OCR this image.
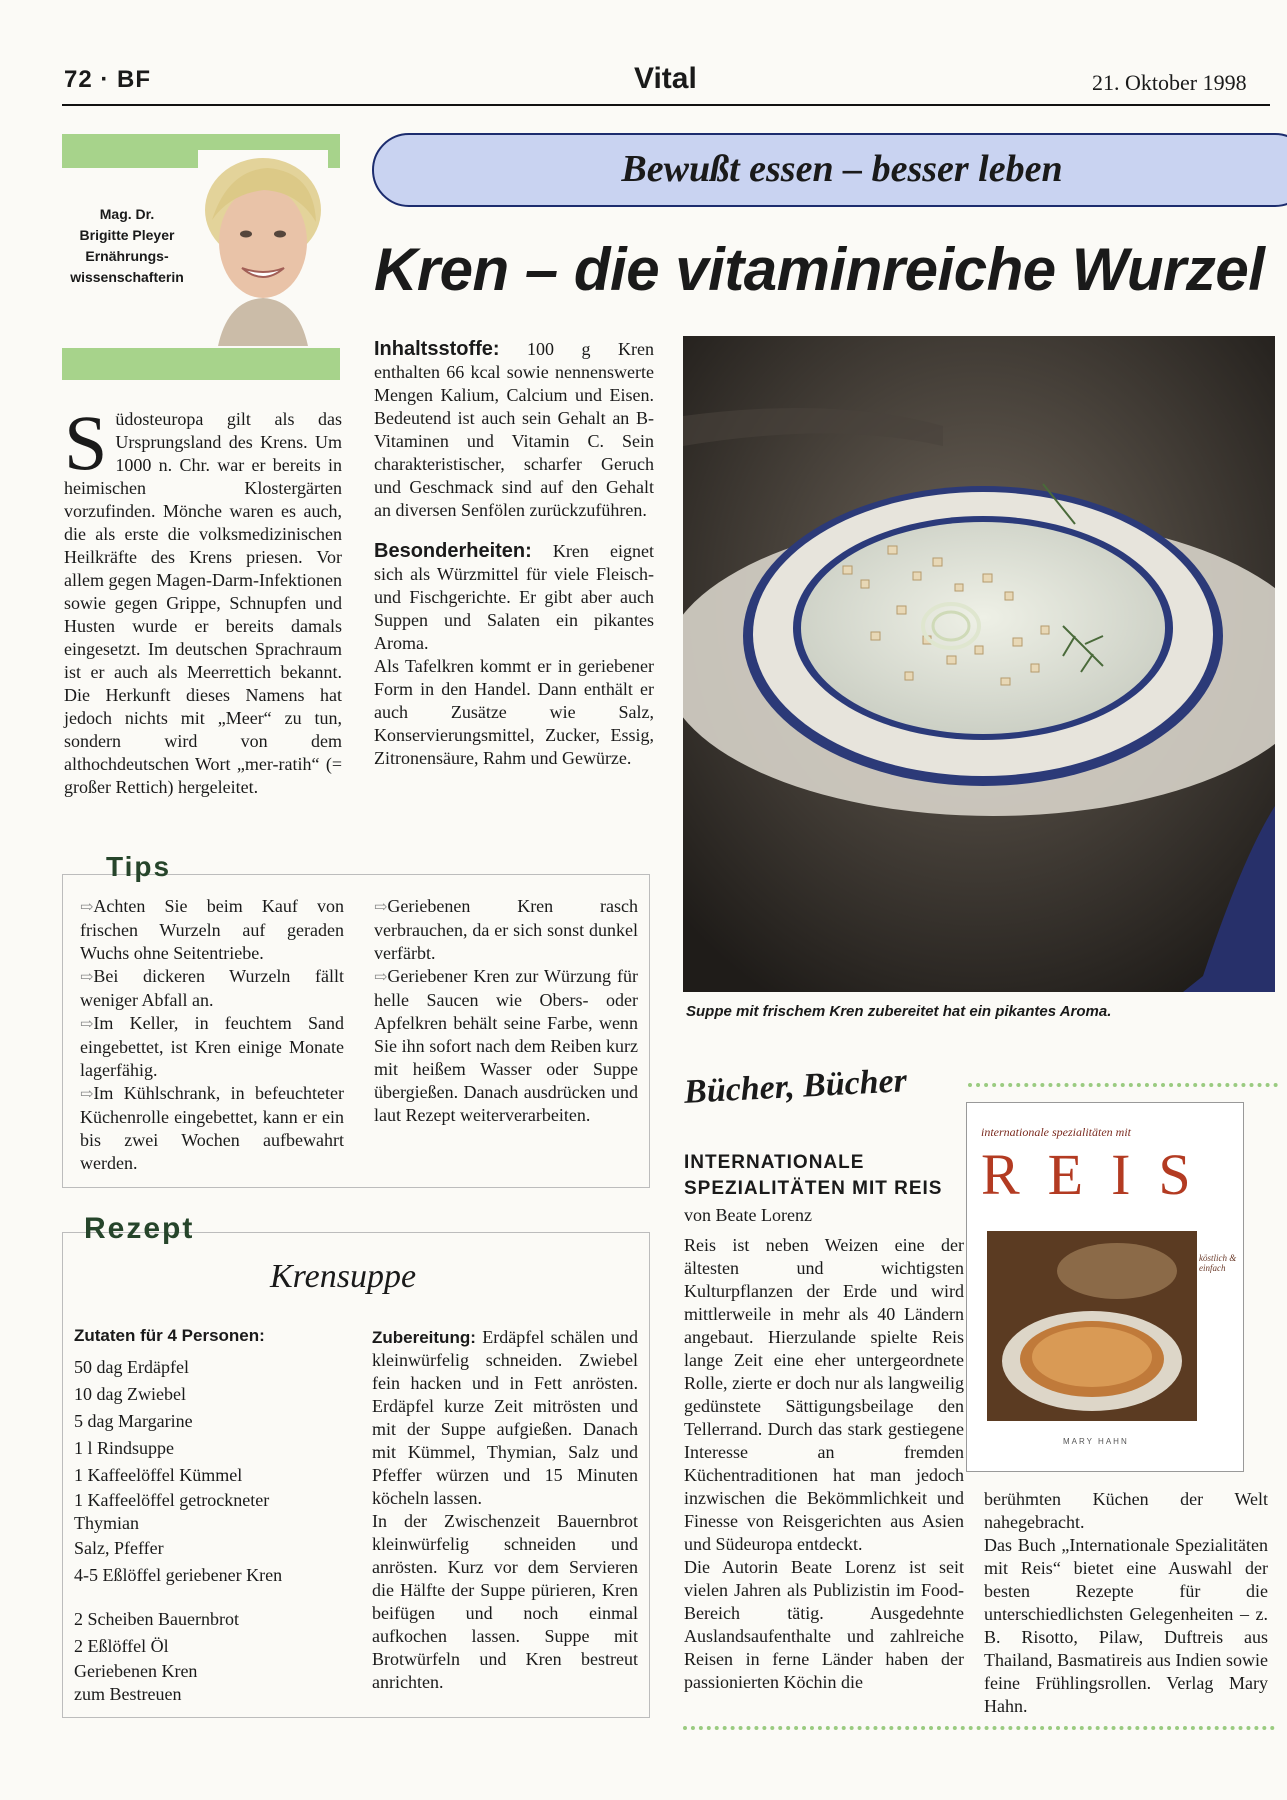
72 · BF	Vital	21. Oktober 1998
Mag. Dr.
Brigitte Pleyer
Ernährungs-
wissenschafterin
Bewußt essen – besser leben
Kren – die vitaminreiche Wurzel
Südosteuropa gilt als das Ursprungsland des Krens. Um 1000 n. Chr. war er bereits in heimischen Klostergärten vorzufinden. Mönche waren es auch, die als erste die volksmedizinischen Heilkräfte des Krens priesen. Vor allem gegen Magen-Darm-Infektionen sowie gegen Grippe, Schnupfen und Husten wurde er bereits damals eingesetzt. Im deutschen Sprachraum ist er auch als Meerrettich bekannt. Die Herkunft dieses Namens hat jedoch nichts mit „Meer“ zu tun, sondern wird von dem althochdeutschen Wort „mer-ratih“ (= großer Rettich) hergeleitet.

Inhaltsstoffe: 100 g Kren enthalten 66 kcal sowie nennenswerte Mengen Kalium, Calcium und Eisen. Bedeutend ist auch sein Gehalt an B-Vitaminen und Vitamin C. Sein charakteristischer, scharfer Geruch und Geschmack sind auf den Gehalt an diversen Senfölen zurückzuführen.

Besonderheiten: Kren eignet sich als Würzmittel für viele Fleisch- und Fischgerichte. Er gibt aber auch Suppen und Salaten ein pikantes Aroma.

Als Tafelkren kommt er in geriebener Form in den Handel. Dann enthält er auch Zusätze wie Salz, Konservierungsmittel, Zucker, Essig, Zitronensäure, Rahm und Gewürze.

Suppe mit frischem Kren zubereitet hat ein pikantes Aroma.
Tips

⇨Achten Sie beim Kauf von frischen Wurzeln auf geraden Wuchs ohne Seitentriebe.

⇨Bei dickeren Wurzeln fällt weniger Abfall an.

⇨Im Keller, in feuchtem Sand eingebettet, ist Kren einige Monate lagerfähig.

⇨Im Kühlschrank, in befeuchteter Küchenrolle eingebettet, kann er ein bis zwei Wochen aufbewahrt werden.

⇨Geriebenen Kren rasch verbrauchen, da er sich sonst dunkel verfärbt.

⇨Geriebener Kren zur Würzung für helle Saucen wie Obers- oder Apfelkren behält seine Farbe, wenn Sie ihn sofort nach dem Reiben kurz mit heißem Wasser oder Suppe übergießen. Danach ausdrücken und laut Rezept weiterverarbeiten.

Rezept
Krensuppe
Zutaten für 4 Personen:
50 dag Erdäpfel
10 dag Zwiebel
5 dag Margarine
1 l Rindsuppe
1 Kaffeelöffel Kümmel
1 Kaffeelöffel getrockneter
Thymian
Salz, Pfeffer
4-5 Eßlöffel geriebener Kren
2 Scheiben Bauernbrot
2 Eßlöffel Öl
Geriebenen Kren
zum Bestreuen

Zubereitung: Erdäpfel schälen und kleinwürfelig schneiden. Zwiebel fein hacken und in Fett anrösten. Erdäpfel kurze Zeit mitrösten und mit der Suppe aufgießen. Danach mit Kümmel, Thymian, Salz und Pfeffer würzen und 15 Minuten köcheln lassen.

In der Zwischenzeit Bauernbrot kleinwürfelig schneiden und anrösten. Kurz vor dem Servieren die Hälfte der Suppe pürieren, Kren beifügen und noch einmal aufkochen lassen. Suppe mit Brotwürfeln und Kren bestreut anrichten.

Bücher, Bücher
INTERNATIONALE
SPEZIALITÄTEN MIT REIS
von Beate Lorenz

Reis ist neben Weizen eine der ältesten und wichtigsten Kulturpflanzen der Erde und wird mittlerweile in mehr als 40 Ländern angebaut. Hierzulande spielte Reis lange Zeit eine eher untergeordnete Rolle, zierte er doch nur als langweilig gedünstete Sättigungsbeilage den Tellerrand. Durch das stark gestiegene Interesse an fremden Küchentraditionen hat man jedoch inzwischen die Bekömmlichkeit und Finesse von Reisgerichten aus Asien und Südeuropa entdeckt.

Die Autorin Beate Lorenz ist seit vielen Jahren als Publizistin im Food-Bereich tätig. Ausgedehnte Auslandsaufenthalte und zahlreiche Reisen in ferne Länder haben der passionierten Köchin die

berühmten Küchen der Welt nahegebracht.

Das Buch „Internationale Spezialitäten mit Reis“ bietet eine Auswahl der besten Rezepte für die unterschiedlichsten Gelegenheiten – z. B. Risotto, Pilaw, Duftreis aus Thailand, Basmatireis aus Indien sowie feine Frühlingsrollen. Verlag Mary Hahn.

internationale spezialitäten mit
REIS
köstlich & einfach
MARY HAHN
